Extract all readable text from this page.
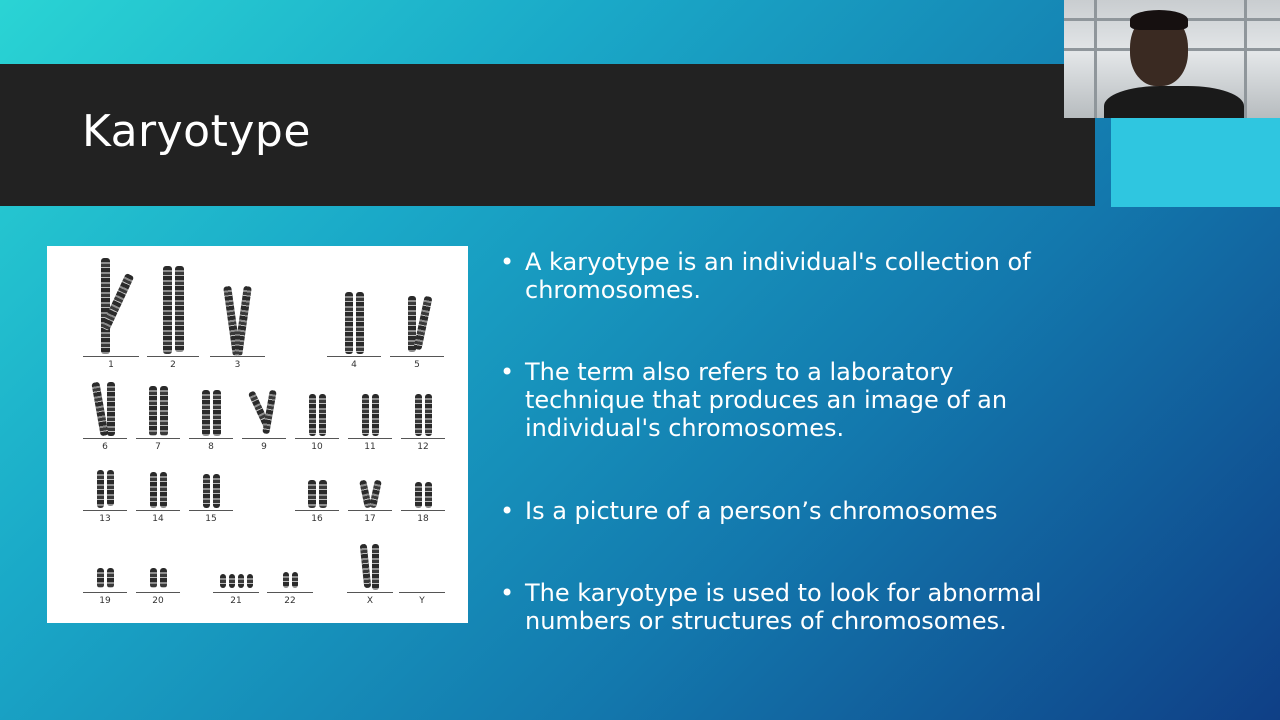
Karyotype
1	2	3	4	5
6	7	8	9	10	11	12
13	14	15	16	17	18
19	20	21	22	X	Y
• A karyotype is an individual's collection of chromosomes.
• The term also refers to a laboratory technique that produces an image of an individual's chromosomes.
• Is a picture of a person’s chromosomes
• The karyotype is used to look for abnormal numbers or structures of chromosomes.
